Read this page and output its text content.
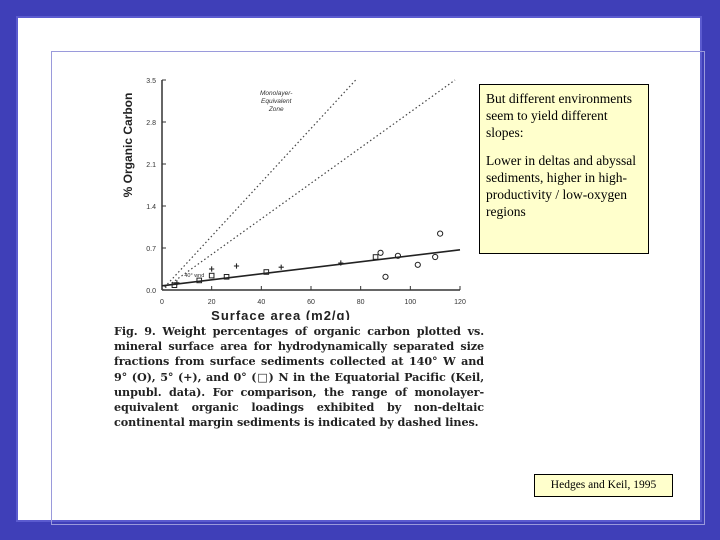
0	20	40	60	80	100	120
0.0
0.7
1.4
2.1
2.8
3.5
Surface area (m2/g)
% Organic Carbon	Monolayer-
Equivalent
Zone
40° wnd
Fig. 9. Weight percentages of organic carbon plotted vs. mineral surface area for hydrodynamically separated size fractions from surface sediments collected at 140° W and 9° (O), 5° (+), and 0° (□) N in the Equatorial Pacific (Keil, unpubl. data). For comparison, the range of monolayer-equivalent organic loadings exhibited by non-deltaic continental margin sediments is indicated by dashed lines.

But different environments seem to yield different slopes:

Lower in deltas and abyssal sediments, higher in high-productivity / low-oxygen regions

Hedges and Keil, 1995
